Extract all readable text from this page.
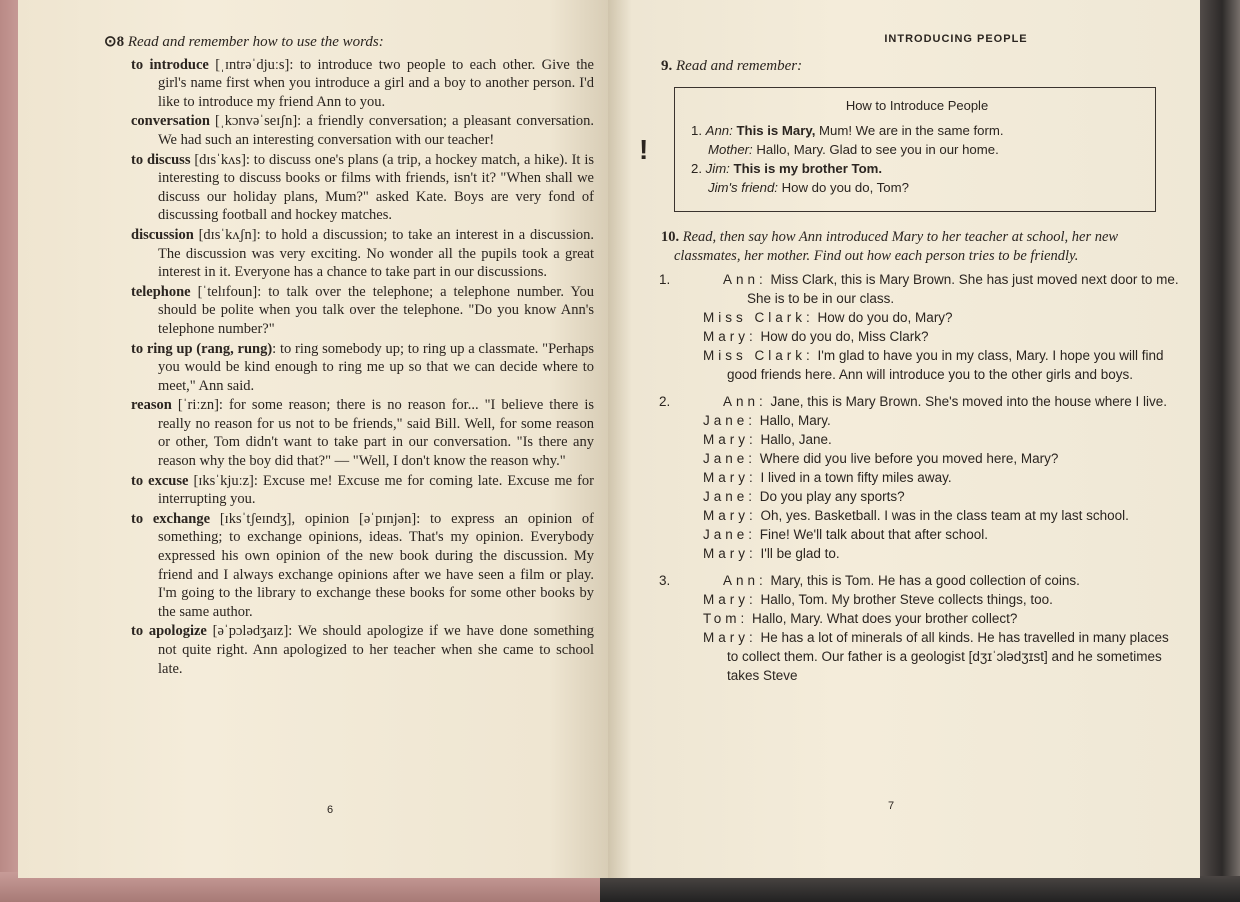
⊙8 Read and remember how to use the words:
to introduce [ˌɪntrəˈdjuːs]: to introduce two people to each other. Give the girl's name first when you introduce a girl and a boy to another person. I'd like to introduce my friend Ann to you.
conversation [ˌkɔnvəˈseɪʃn]: a friendly conversation; a pleasant conversation. We had such an interesting conversation with our teacher!
to discuss [dɪsˈkʌs]: to discuss one's plans (a trip, a hockey match, a hike). It is interesting to discuss books or films with friends, isn't it? "When shall we discuss our holiday plans, Mum?" asked Kate. Boys are very fond of discussing football and hockey matches.
discussion [dɪsˈkʌʃn]: to hold a discussion; to take an interest in a discussion. The discussion was very exciting. No wonder all the pupils took a great interest in it. Everyone has a chance to take part in our discussions.
telephone [ˈtelɪfoun]: to talk over the telephone; a telephone number. You should be polite when you talk over the telephone. "Do you know Ann's telephone number?"
to ring up (rang, rung): to ring somebody up; to ring up a classmate. "Perhaps you would be kind enough to ring me up so that we can decide where to meet," Ann said.
reason [ˈriːzn]: for some reason; there is no reason for... "I believe there is really no reason for us not to be friends," said Bill. Well, for some reason or other, Tom didn't want to take part in our conversation. "Is there any reason why the boy did that?" — "Well, I don't know the reason why."
to excuse [ɪksˈkjuːz]: Excuse me! Excuse me for coming late. Excuse me for interrupting you.
to exchange [ɪksˈtʃeɪndʒ], opinion [əˈpɪnjən]: to express an opinion of something; to exchange opinions, ideas. That's my opinion. Everybody expressed his own opinion of the new book during the discussion. My friend and I always exchange opinions after we have seen a film or play. I'm going to the library to exchange these books for some other books by the same author.
to apologize [əˈpɔlədʒaɪz]: We should apologize if we have done something not quite right. Ann apologized to her teacher when she came to school late.
6
INTRODUCING PEOPLE
9. Read and remember:
!
How to Introduce People
1. Ann: This is Mary, Mum! We are in the same form.
Mother: Hallo, Mary. Glad to see you in our home.
2. Jim: This is my brother Tom.
Jim's friend: How do you do, Tom?
10. Read, then say how Ann introduced Mary to her teacher at school, her new classmates, her mother. Find out how each person tries to be friendly.
1.	Ann: Miss Clark, this is Mary Brown. She has just moved next door to me. She is to be in our class.
Miss Clark: How do you do, Mary?
Mary: How do you do, Miss Clark?
Miss Clark: I'm glad to have you in my class, Mary. I hope you will find good friends here. Ann will introduce you to the other girls and boys.
2.	Ann: Jane, this is Mary Brown. She's moved into the house where I live.
Jane: Hallo, Mary.
Mary: Hallo, Jane.
Jane: Where did you live before you moved here, Mary?
Mary: I lived in a town fifty miles away.
Jane: Do you play any sports?
Mary: Oh, yes. Basketball. I was in the class team at my last school.
Jane: Fine! We'll talk about that after school.
Mary: I'll be glad to.
3.	Ann: Mary, this is Tom. He has a good collection of coins.
Mary: Hallo, Tom. My brother Steve collects things, too.
Tom: Hallo, Mary. What does your brother collect?
Mary: He has a lot of minerals of all kinds. He has travelled in many places to collect them. Our father is a geologist [dʒɪˈɔlədʒɪst] and he sometimes takes Steve
7
